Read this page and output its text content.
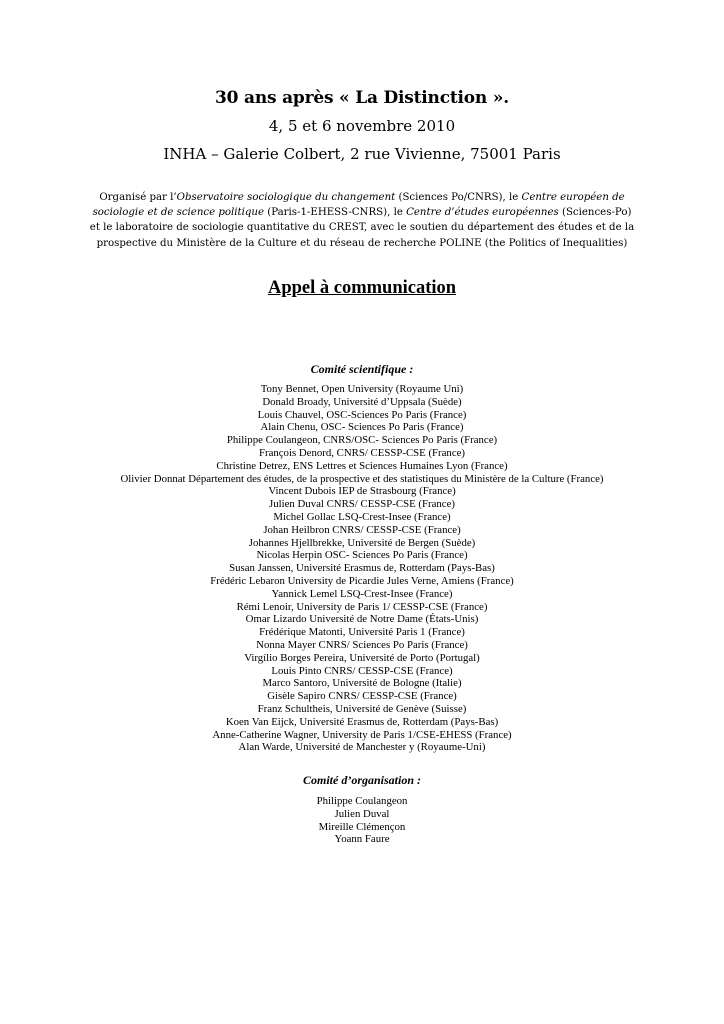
30 ans après « La Distinction ».
4, 5 et 6 novembre 2010
INHA – Galerie Colbert, 2 rue Vivienne, 75001 Paris

Organisé par l’Observatoire sociologique du changement (Sciences Po/CNRS), le Centre européen de sociologie et de science politique (Paris-1-EHESS-CNRS), le Centre d’études européennes (Sciences-Po) et le laboratoire de sociologie quantitative du CREST, avec le soutien du département des études et de la prospective du Ministère de la Culture et du réseau de recherche POLINE (the Politics of Inequalities)

Appel à communication
Comité scientifique :
Tony Bennet, Open University (Royaume Uni)
Donald Broady, Université d’Uppsala (Suède)
Louis Chauvel, OSC-Sciences Po Paris (France)
Alain Chenu, OSC- Sciences Po Paris (France)
Philippe Coulangeon, CNRS/OSC- Sciences Po Paris (France)
François Denord, CNRS/ CESSP-CSE (France)
Christine Detrez, ENS Lettres et Sciences Humaines Lyon (France)
Olivier Donnat Département des études, de la prospective et des statistiques du Ministère de la Culture (France)
Vincent Dubois IEP de Strasbourg (France)
Julien Duval CNRS/ CESSP-CSE (France)
Michel Gollac LSQ-Crest-Insee (France)
Johan Heilbron CNRS/ CESSP-CSE (France)
Johannes Hjellbrekke, Université de Bergen (Suède)
Nicolas Herpin OSC- Sciences Po Paris (France)
Susan Janssen, Université Erasmus de, Rotterdam (Pays-Bas)
Frédéric Lebaron University de Picardie Jules Verne, Amiens (France)
Yannick Lemel LSQ-Crest-Insee (France)
Rémi Lenoir, University de Paris 1/ CESSP-CSE (France)
Omar Lizardo Université de Notre Dame (États-Unis)
Frédérique Matonti, Université Paris 1 (France)
Nonna Mayer CNRS/ Sciences Po Paris (France)
Virgílio Borges Pereira, Université de Porto (Portugal)
Louis Pinto CNRS/ CESSP-CSE (France)
Marco Santoro, Université de Bologne (Italie)
Gisèle Sapiro CNRS/ CESSP-CSE (France)
Franz Schultheis, Université de Genève (Suisse)
Koen Van Eijck, Université Erasmus de, Rotterdam (Pays-Bas)
Anne-Catherine Wagner, University de Paris 1/CSE-EHESS (France)
Alan Warde, Université de Manchester y (Royaume-Uni)
Comité d’organisation :
Philippe Coulangeon
Julien Duval
Mireille Clémençon
Yoann Faure
